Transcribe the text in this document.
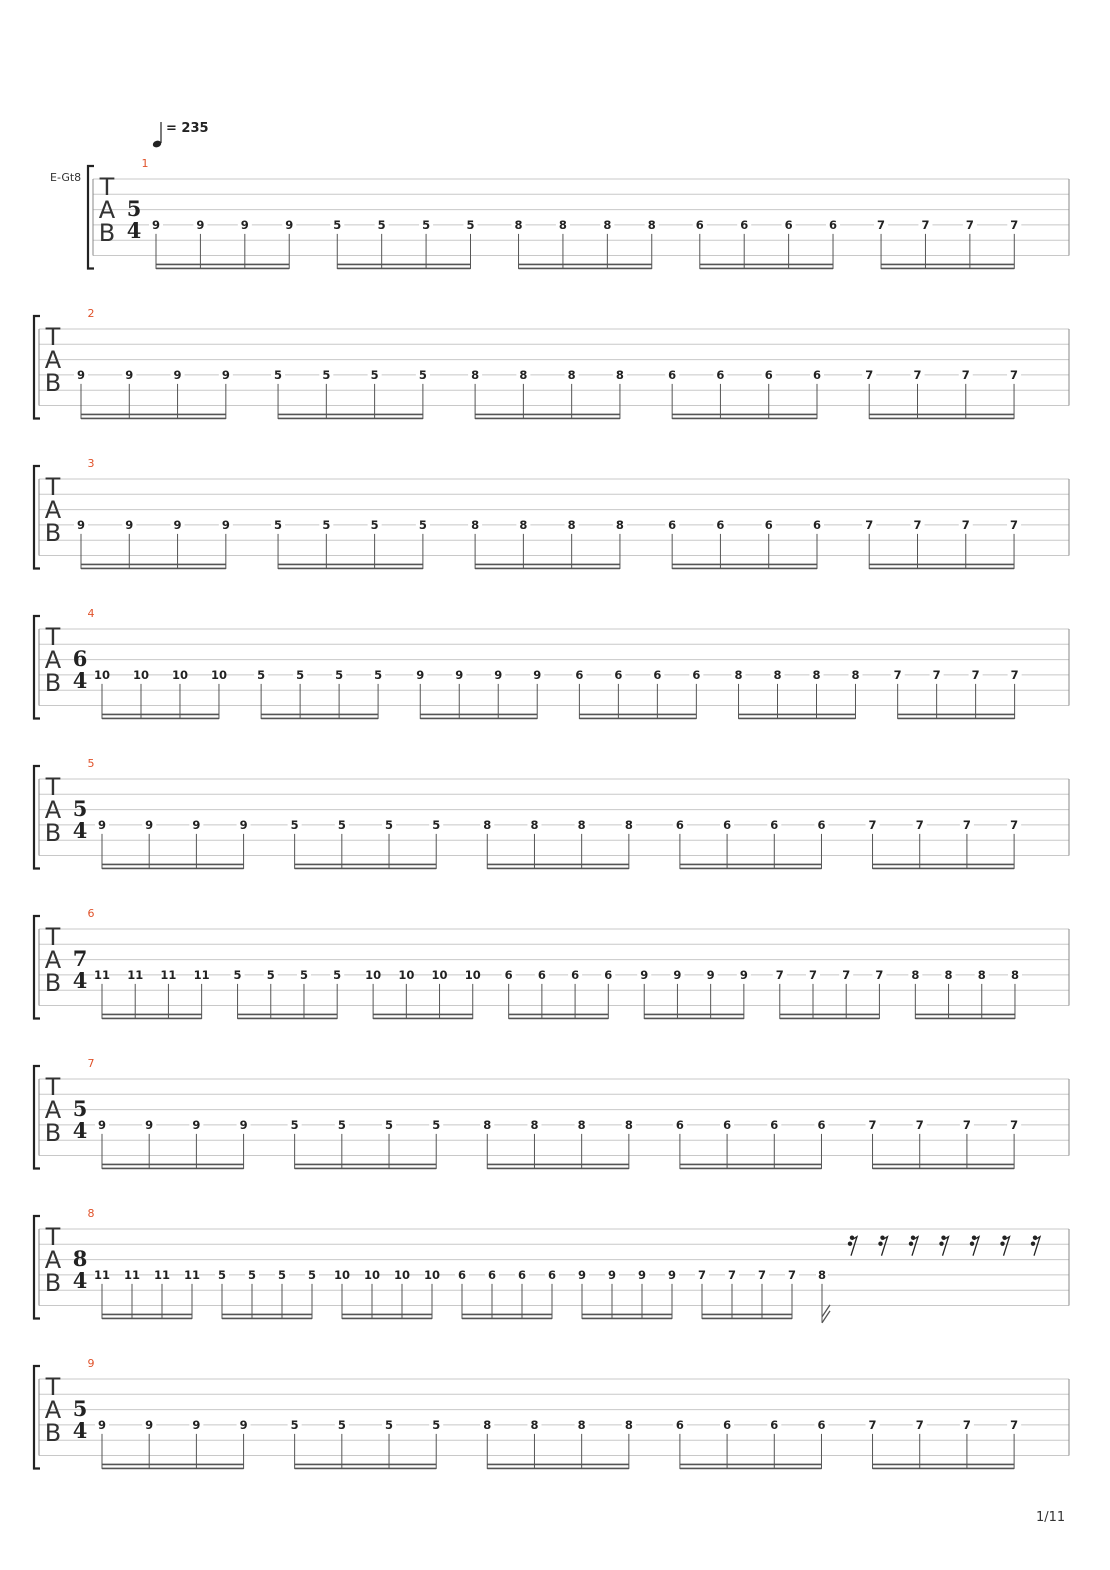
T
A
B
1
5
4 9	9	9	9	5	5	5	5	8	8	8	8	6	6	6	6	7	7	7	7
T
A
B
2
9	9	9	9	5	5	5	5	8	8	8	8	6	6	6	6	7	7	7	7
T
A
B
3
9	9	9	9	5	5	5	5	8	8	8	8	6	6	6	6	7	7	7	7
T
A
B
4
6
4 10 10 10 10	5	5	5	5	9	9	9	9	6	6	6	6	8	8	8	8	7	7	7	7
T
A
B
5
5
4 9	9	9	9	5	5	5	5	8	8	8	8	6	6	6	6	7	7	7	7
T
A
B
6
7
4 11 11 11 11 5 5 5 5 10 10 10 10 6 6 6 6 9 9 9 9 7 7 7 7 8 8 8 8
T
A
B
7
5
4 9	9	9	9	5	5	5	5	8	8	8	8	6	6	6	6	7	7	7	7
T
A
B
8
8
4 11 11 11 11 5 5 5 5 10 10 10 10 6 6 6 6 9 9 9 9 7 7 7 7 8
T
A
B
9
5
4 9	9	9	9	5	5	5	5	8	8	8	8	6	6	6	6	7	7	7	7
= 235
E-Gt8
1/11
